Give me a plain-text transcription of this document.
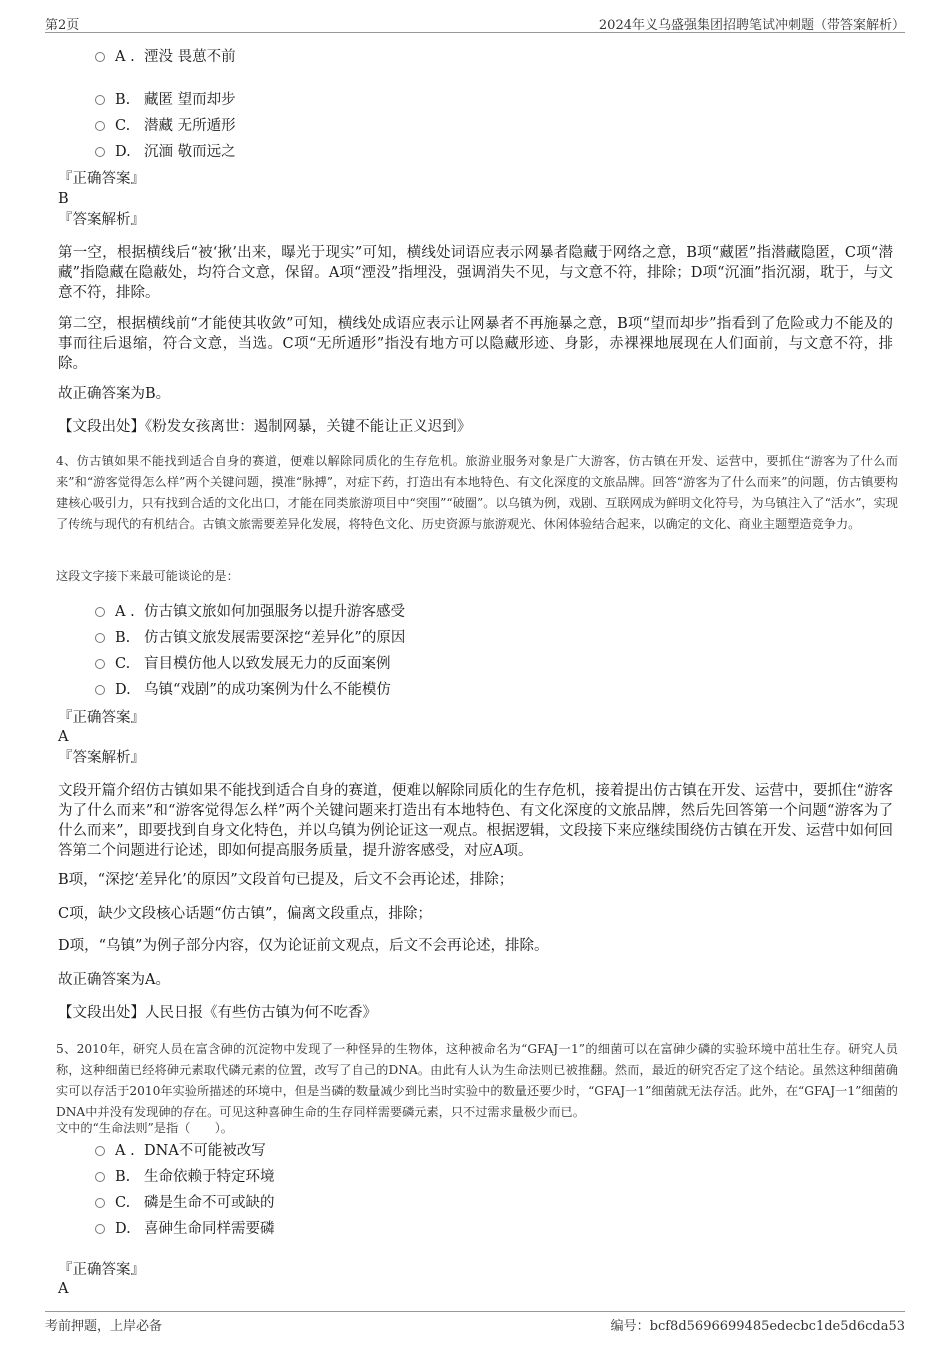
第2页	2024年义乌盛强集团招聘笔试冲刺题（带答案解析）
A . 湮没 畏葸不前
B. 藏匿 望而却步
C. 潜藏 无所遁形
D. 沉湎 敬而远之
『正确答案』
B
『答案解析』
第一空，根据横线后“被‘揪’出来，曝光于现实”可知，横线处词语应表示网暴者隐藏于网络之意，B项“藏匿”指潜藏隐匿，C项“潜藏”指隐藏在隐蔽处，均符合文意，保留。A项“湮没”指埋没，强调消失不见，与文意不符，排除；D项“沉湎”指沉溺，耽于，与文意不符，排除。
第二空，根据横线前“才能使其收敛”可知，横线处成语应表示让网暴者不再施暴之意，B项“望而却步”指看到了危险或力不能及的事而往后退缩，符合文意，当选。C项“无所遁形”指没有地方可以隐藏形迹、身影，赤裸裸地展现在人们面前，与文意不符，排除。
故正确答案为B。
【文段出处】《粉发女孩离世：遏制网暴，关键不能让正义迟到》
4、仿古镇如果不能找到适合自身的赛道，便难以解除同质化的生存危机。旅游业服务对象是广大游客，仿古镇在开发、运营中，要抓住“游客为了什么而来”和“游客觉得怎么样”两个关键问题，摸准“脉搏”，对症下药，打造出有本地特色、有文化深度的文旅品牌。回答“游客为了什么而来”的问题，仿古镇要构建核心吸引力，只有找到合适的文化出口，才能在同类旅游项目中“突围”“破圈”。以乌镇为例，戏剧、互联网成为鲜明文化符号，为乌镇注入了“活水”，实现了传统与现代的有机结合。古镇文旅需要差异化发展，将特色文化、历史资源与旅游观光、休闲体验结合起来，以确定的文化、商业主题塑造竞争力。
这段文字接下来最可能谈论的是：
A . 仿古镇文旅如何加强服务以提升游客感受
B. 仿古镇文旅发展需要深挖“差异化”的原因
C. 盲目模仿他人以致发展无力的反面案例
D. 乌镇“戏剧”的成功案例为什么不能模仿
『正确答案』
A
『答案解析』
文段开篇介绍仿古镇如果不能找到适合自身的赛道，便难以解除同质化的生存危机，接着提出仿古镇在开发、运营中，要抓住“游客为了什么而来”和“游客觉得怎么样”两个关键问题来打造出有本地特色、有文化深度的文旅品牌，然后先回答第一个问题“游客为了什么而来”，即要找到自身文化特色，并以乌镇为例论证这一观点。根据逻辑，文段接下来应继续围绕仿古镇在开发、运营中如何回答第二个问题进行论述，即如何提高服务质量，提升游客感受，对应A项。
B项，“深挖‘差异化’的原因”文段首句已提及，后文不会再论述，排除；
C项，缺少文段核心话题“仿古镇”，偏离文段重点，排除；
D项，“乌镇”为例子部分内容，仅为论证前文观点，后文不会再论述，排除。
故正确答案为A。
【文段出处】人民日报《有些仿古镇为何不吃香》
5、2010年，研究人员在富含砷的沉淀物中发现了一种怪异的生物体，这种被命名为“GFAJ一1”的细菌可以在富砷少磷的实验环境中茁壮生存。研究人员称，这种细菌已经将砷元素取代磷元素的位置，改写了自己的DNA。由此有人认为生命法则已被推翻。然而，最近的研究否定了这个结论。虽然这种细菌确实可以存活于2010年实验所描述的环境中，但是当磷的数量减少到比当时实验中的数量还要少时，“GFAJ一1”细菌就无法存活。此外，在“GFAJ一1”细菌的DNA中并没有发现砷的存在。可见这种喜砷生命的生存同样需要磷元素，只不过需求量极少而已。
文中的“生命法则”是指（　　）。
A . DNA不可能被改写
B. 生命依赖于特定环境
C. 磷是生命不可或缺的
D. 喜砷生命同样需要磷
『正确答案』
A
考前押题，上岸必备	编号：bcf8d5696699485edecbc1de5d6cda53
